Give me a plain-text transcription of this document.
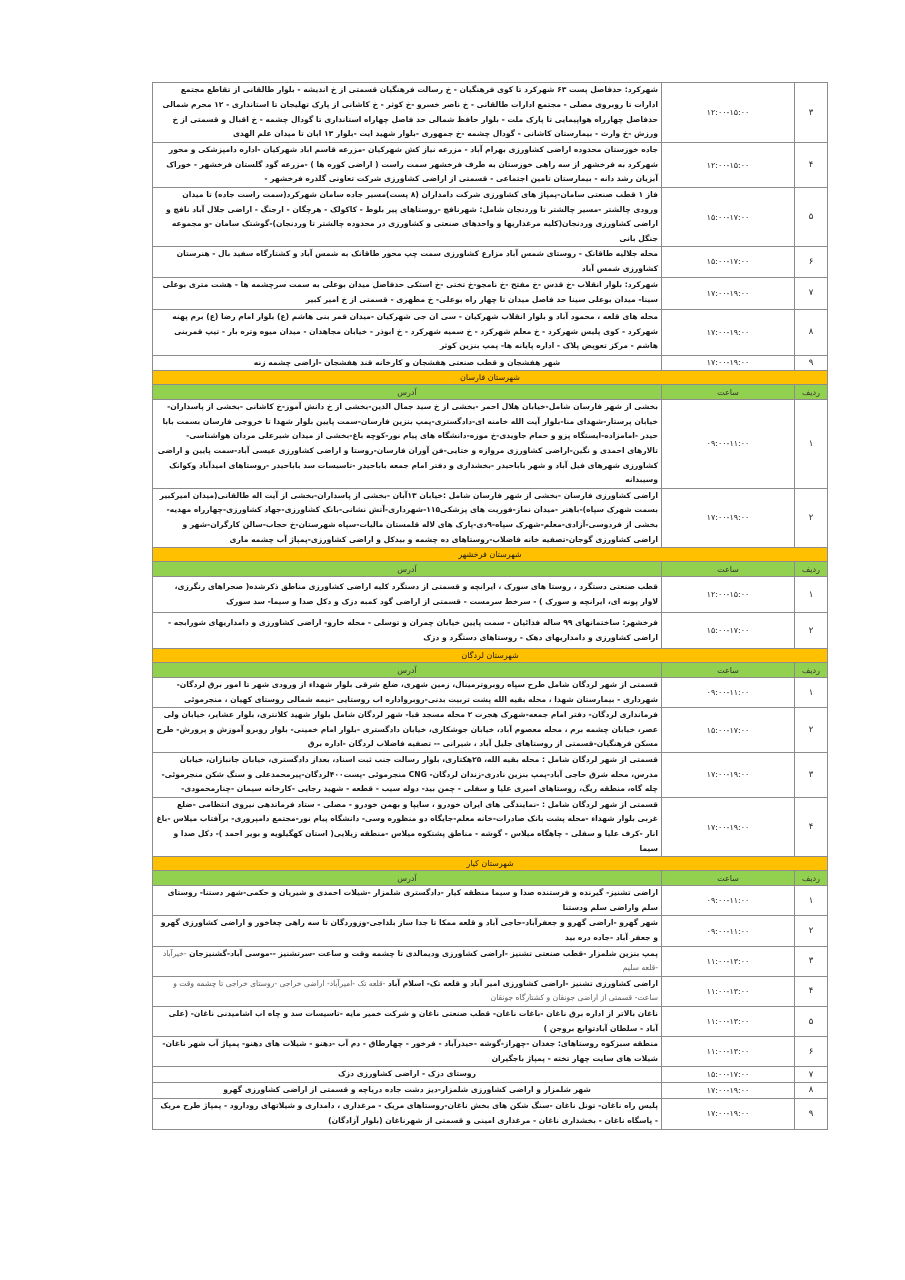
۳	۱۲:۰۰-۱۵:۰۰	شهرکرد: حدفاصل پست ۶۳ شهرکرد تا کوی فرهنگیان - خ رسالت فرهنگیان قسمتی از خ اندیشه - بلوار طالقانی از تقاطع مجتمع ادارات تا روبروی مصلی - مجتمع ادارات طالقانی - خ ناصر خسرو -خ کوثر - خ کاشانی از پارک تهلیجان تا استانداری - ۱۲ محرم شمالی حدفاصل چهارراه هواپیمایی تا پارک ملت - بلوار حافظ شمالی حد فاصل چهاراه استانداری تا گودال چشمه - خ اقبال و قسمتی از خ ورزش -خ وارث - بیمارستان کاشانی - گودال چشمه -خ جمهوری -بلوار شهید ایت -بلوار ۱۳ ابان تا میدان علم الهدی
۴	۱۲:۰۰-۱۵:۰۰	جاده خوزستان محدوده اراضی کشاورزی بهرام آباد - مزرعه نیاز کش شهرکیان -مزرعه قاسم اباد شهرکیان -اداره دامپزشکی و محور شهرکرد به فرخشهر از سه راهی خوزستان به طرف فرخشهر سمت راست ( اراضی کوره ها ) -مزرعه گود گلستان فرخشهر - خوراک آبزیان رشد دانه - بیمارستان تامین اجتماعی - قسمتی از اراضی کشاورزی شرکت تعاونی گلدره فرخشهر -
۵	۱۵:۰۰-۱۷:۰۰	فاز ۱ قطب صنعتی سامان-پمپاژ های کشاورزی شرکت دامداران (۸ پست)مسیر جاده سامان شهرکرد(سمت راست جاده) تا میدان ورودی چالشتر -مسیر چالشتر تا وردنجان شامل: شهرنافچ -روستاهای پیر بلوط - کاکولک - هرچگان - ارجنگ - اراضی جلال آباد نافچ و اراضی کشاورزی وردنجان(کلیه مرغداریها و واحدهای صنعتی و کشاورزی در محدوده چالشتر تا وردنجان)-گوشتک سامان -و مجموعه جنگل بانی
۶	۱۵:۰۰-۱۷:۰۰	محله جلالیه طاقانک - روستای شمس آباد مزارع کشاورزی سمت چپ محور طاقانک به شمس آباد و کشتارگاه سفید بال - هنرستان کشاورزی شمس آباد
۷	۱۷:۰۰-۱۹:۰۰	شهرکرد: بلوار انقلاب -خ قدس -خ مفتح -خ نامجو-خ تختی -خ استکی حدفاصل میدان بوعلی به سمت سرچشمه ها - هشت متری بوعلی سینا- میدان بوعلی سینا حد فاصل میدان تا چهار راه بوعلی- خ مطهری - قسمتی از خ امیر کبیر
۸	۱۷:۰۰-۱۹:۰۰	محله های قلعه ، محمود آباد و بلوار انقلاب شهرکیان - سی ان جی شهرکیان -میدان قمر بنی هاشم (ع) بلوار امام رضا (ع) برم پهنه شهرکرد - کوی پلیس شهرکرد - خ معلم شهرکرد - خ سمیه شهرکرد - خ ابوذر - خیابان مجاهدان - میدان میوه وتره بار - تیپ قمربنی هاشم - مرکز تعویض پلاک - اداره پایانه ها- پمپ بنزین کوثر
۹	۱۷:۰۰-۱۹:۰۰	شهر هفشجان و قطب صنعتی هفشجان و کارخانه قند هفشجان -اراضی چشمه زنه
شهرستان فارسان		
ردیف	ساعت	آدرس
۱	۰۹:۰۰-۱۱:۰۰	بخشی از شهر فارسان شامل-خیابان هلال احمر -بخشی از خ سید جمال الدین-بخشی از خ دانش آموز-خ کاشانی -بخشی از پاسداران-خیابان پرستار-شهدای منا-بلوار آیت الله خامنه ای-دادگستری-پمپ بنزین فارسان-سمت پایین بلوار شهدا تا خروجی فارسان بسمت بابا حیدر -امامزاده-ایستگاه پزو و حمام جاویدی-خ موزه-دانشگاه های پیام نور-کوچه باغ-بخشی از میدان شیرعلی مردان هواشناسی-تالارهای احمدی و نگین-اراضی کشاورزی مروازه و ختایی-فن آوران فارسان-روستا و اراضی کشاورزی عیسی آباد-سمت پایین و اراضی کشاورزی شهرهای فیل آباد و شهر باباحیدر -بخشداری و دفتر امام جمعه باباحیدر -تاسیسات سد باباحیدر -روستاهای امیدآباد وکوانک وسیبدانه
۲	۱۷:۰۰-۱۹:۰۰	اراضی کشاورزی فارسان -بخشی از شهر فارسان شامل :خیابان ۱۳آبان -بخشی از پاسداران-بخشی از آیت اله طالقانی(میدان امیرکبیر بسمت شهرک سپاه)-باهنر -میدان نماز-فوریت های پزشکی۱۱۵-شهرداری-آتش نشانی-بانک کشاورزی-جهاد کشاورزی-چهارراه مهدیه-بخشی از فردوسی-آزادی-معلم-شهرک سپاه-۹دی-پارک های لاله قلمستان مالیات-سپاه شهرستان-خ حجاب-سالن کارگران-شهر و اراضی کشاورزی گوجان-تصفیه خانه فاضلاب-روستاهای ده چشمه و بیدکل و اراضی کشاورزی-پمپاژ آب چشمه ماری
شهرستان فرخشهر		
ردیف	ساعت	آدرس
۱	۱۲:۰۰-۱۵:۰۰	قطب صنعتی دستگرد ، روستا های سورک ، ایرانچه و قسمتی از دستگرد کلیه اراضی کشاورزی مناطق ذکرشده( صحراهای رنگرزی، لاوار پونه ای، ایرانچه و سورک ) - سرخط سرمست - قسمتی از اراضی گود کمبه دزک و دکل صدا و سیما- سد سورک
۲	۱۵:۰۰-۱۷:۰۰	فرخشهر: ساختمانهای ۹۹ ساله فدائیان - سمت پایین خیابان چمران و توسلی - محله خارو- اراضی کشاورزی و دامداریهای شورابجه - اراضی کشاورزی و دامداریهای دهک - روستاهای دستگرد و دزک
شهرستان لردگان		
ردیف	ساعت	آدرس
۱	۰۹:۰۰-۱۱:۰۰	قسمتی از شهر لردگان شامل طرح سپاه روبروترمینال، زمین شهری، ضلع شرقی بلوار شهداء از ورودی شهر تا امور برق لردگان- شهرداری - بیمارستان شهدا ، محله بقیه الله پشت تربیت بدنی-روبرواداره اب روستایی -نیمه شمالی روستای کهیان ، منجرموئی
۲	۱۵:۰۰-۱۷:۰۰	فرمانداری لردگان- دفتر امام جمعه-شهرک هجرت ۲ محله مسجد قبا- شهر لردگان شامل بلوار شهید کلانتری، بلوار عشایر، خیابان ولی عصر، خیابان چشمه برم ، محله معصوم آباد، خیابان جوشکاری، خیابان دادگستری -بلوار امام خمینی- بلوار روبرو آموزش و پرورش- طرح مسکن فرهنگیان-قسمتی از روستاهای جلیل آباد ، شیرانی -- تصفیه فاضلاب لردگان -اداره برق
۳	۱۷:۰۰-۱۹:۰۰	قسمتی از شهر لردگان شامل : محله بقیه الله، ۲۵هکتاری، بلوار رسالت جنب ثبت اسناد، بعداز دادگستری، خیابان جانبازان، خیابان مدرس، محله شرق حاجی آباد-پمپ بنزین نادری-زندان لردگان- CNG منجرموئی -پست۴۰۰لردگان-پیرمحمدعلی و سنگ شکن منجرموئی- چله گاه، منطقه ریگ، روستاهای امیری علیا و سفلی - چمن بید- دوله سیب - قطعه - شهید رجایی -کارخانه سیمان -چنارمحمودی-
۴	۱۷:۰۰-۱۹:۰۰	قسمتی از شهر لردگان شامل : -نمایندگی های ایران خودرو ، سایپا و بهمن خودرو - مصلی - ستاد فرماندهی نیروی انتظامی -ضلع غربی بلوار شهداء -محله پشت بانک صادرات-خانه معلم-جایگاه دو منظوره وسی- دانشگاه پیام نور-مجتمع دامپروری- برآفتاب میلاس -باغ انار -کرف علیا و سفلی - چاهگاه میلاس - گوشه - مناطق پشتکوه میلاس -منطقه زیلایی( استان کهگیلویه و بویر احمد )- دکل صدا و سیما
شهرستان کیار		
ردیف	ساعت	آدرس
۱	۰۹:۰۰-۱۱:۰۰	اراضی تشنیز- گیرنده و فرستنده صدا و سیما منطقه کیار -دادگستری شلمزار -شیلات احمدی و شیریان و حکمی-شهر دستنا- روستای سلم واراضی سلم ودستنا
۲	۰۹:۰۰-۱۱:۰۰	شهر گهرو -اراضی گهرو و جعفرآباد-حاجی آباد و قلعه ممکا تا جدا ساز بلداجی-وزوردگان تا سه راهی چغاخور و اراضی کشاورزی گهرو و جعفر آباد -جاده دره بید
۳	۱۱:۰۰-۱۳:۰۰	پمپ بنزین شلمزار -قطب صنعتی تشنیز -اراضی کشاورزی ودیمالدی تا چشمه وقت و ساعت -سرتشنیز --موسی آباد-گشنیزجان -خیرآباد -قلعه سلیم
۴	۱۱:۰۰-۱۳:۰۰	اراضی کشاورزی تشنیز -اراضی کشاورزی امیر آباد و قلعه تک- اسلام آباد -قلعه تک -امیرآباد- اراضی خراجی -روستای خراجی تا چشمه وقت و ساعت- قسمتی از اراضی جونقان و کشتارگاه جونقان
۵	۱۱:۰۰-۱۳:۰۰	ناغان بالاتر از اداره برق ناغان -باغات ناغان- قطب صنعتی ناغان و شرکت خمیر مایه -تاسیسات سد و چاه اب اشامیدنی ناغان- (علی آباد - سلطان آبادتوابع بروجن )
۶	۱۱:۰۰-۱۳:۰۰	منطقه سبزکوه روستاهای: جغدان -چهراز-گوشه -حیدرآباد - فرخور - چهارطاق - دم آب -دهنو - شیلات های دهنو- پمپاژ آب شهر ناغان- شیلات های سایت چهار تخته - پمپاژ باجگیران
۷	۱۵:۰۰-۱۷:۰۰	روستای دزک - اراضی کشاورزی دزک
۸	۱۷:۰۰-۱۹:۰۰	شهر شلمزار و اراضی کشاورزی شلمزار-دیز دشت جاده دریاچه و قسمتی از اراضی کشاورزی گهرو
۹	۱۷:۰۰-۱۹:۰۰	پلیس راه ناغان- تونل ناغان -سنگ شکن های بخش ناغان-روستاهای مریک - مرغداری ، دامداری و شیلاتهای رودارود - پمپاژ طرح مریک - پاسگاه ناغان - بخشداری ناغان - مرغداری امینی و قسمتی از شهرناغان (بلوار آزادگان)
